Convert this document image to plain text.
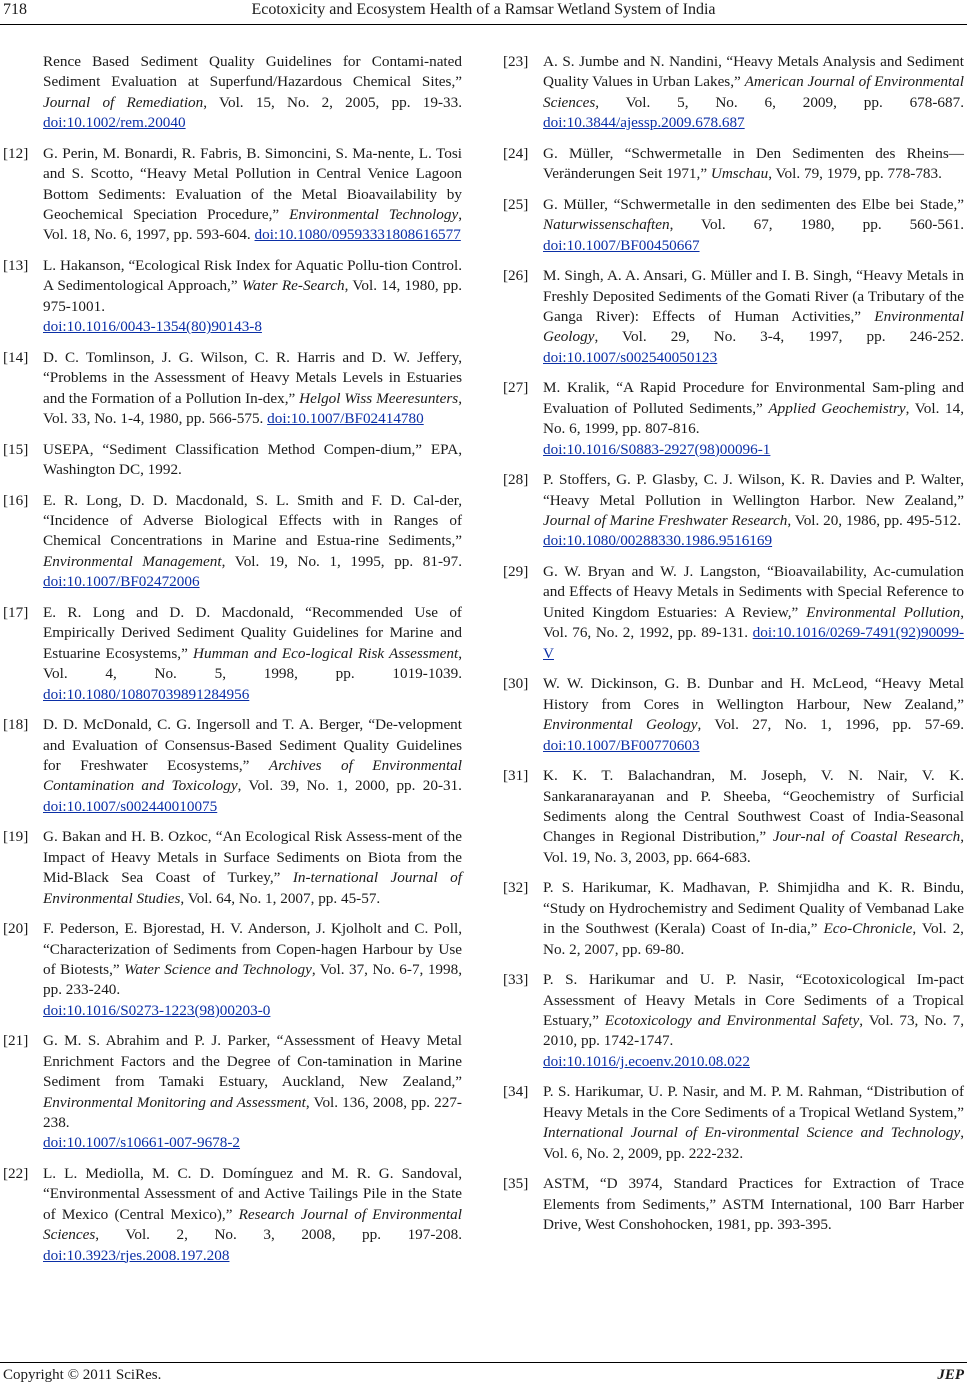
718	Ecotoxicity and Ecosystem Health of a Ramsar Wetland System of India
Rence Based Sediment Quality Guidelines for Contami-nated Sediment Evaluation at Superfund/Hazardous Chemical Sites,” Journal of Remediation, Vol. 15, No. 2, 2005, pp. 19-33. doi:10.1002/rem.20040
[12] G. Perin, M. Bonardi, R. Fabris, B. Simoncini, S. Ma-nente, L. Tosi and S. Scotto, “Heavy Metal Pollution in Central Venice Lagoon Bottom Sediments: Evaluation of the Metal Bioavailability by Geochemical Speciation Procedure,” Environmental Technology, Vol. 18, No. 6, 1997, pp. 593-604. doi:10.1080/09593331808616577
[13] L. Hakanson, “Ecological Risk Index for Aquatic Pollu-tion Control. A Sedimentological Approach,” Water Re-Search, Vol. 14, 1980, pp. 975-1001.
doi:10.1016/0043-1354(80)90143-8
[14] D. C. Tomlinson, J. G. Wilson, C. R. Harris and D. W. Jeffery, “Problems in the Assessment of Heavy Metals Levels in Estuaries and the Formation of a Pollution In-dex,” Helgol Wiss Meeresunters, Vol. 33, No. 1-4, 1980, pp. 566-575. doi:10.1007/BF02414780
[15] USEPA, “Sediment Classification Method Compen-dium,” EPA, Washington DC, 1992.
[16] E. R. Long, D. D. Macdonald, S. L. Smith and F. D. Cal-der, “Incidence of Adverse Biological Effects with in Ranges of Chemical Concentrations in Marine and Estua-rine Sediments,” Environmental Management, Vol. 19, No. 1, 1995, pp. 81-97. doi:10.1007/BF02472006
[17] E. R. Long and D. D. Macdonald, “Recommended Use of Empirically Derived Sediment Quality Guidelines for Marine and Estuarine Ecosystems,” Humman and Eco-logical Risk Assessment, Vol. 4, No. 5, 1998, pp. 1019-1039. doi:10.1080/10807039891284956
[18] D. D. McDonald, C. G. Ingersoll and T. A. Berger, “De-velopment and Evaluation of Consensus-Based Sediment Quality Guidelines for Freshwater Ecosystems,” Archives of Environmental Contamination and Toxicology, Vol. 39, No. 1, 2000, pp. 20-31. doi:10.1007/s002440010075
[19] G. Bakan and H. B. Ozkoc, “An Ecological Risk Assess-ment of the Impact of Heavy Metals in Surface Sediments on Biota from the Mid-Black Sea Coast of Turkey,” In-ternational Journal of Environmental Studies, Vol. 64, No. 1, 2007, pp. 45-57.
[20] F. Pederson, E. Bjorestad, H. V. Anderson, J. Kjolholt and C. Poll, “Characterization of Sediments from Copen-hagen Harbour by Use of Biotests,” Water Science and Technology, Vol. 37, No. 6-7, 1998, pp. 233-240.
doi:10.1016/S0273-1223(98)00203-0
[21] G. M. S. Abrahim and P. J. Parker, “Assessment of Heavy Metal Enrichment Factors and the Degree of Con-tamination in Marine Sediment from Tamaki Estuary, Auckland, New Zealand,” Environmental Monitoring and Assessment, Vol. 136, 2008, pp. 227-238.
doi:10.1007/s10661-007-9678-2
[22] L. L. Mediolla, M. C. D. Domínguez and M. R. G. Sandoval, “Environmental Assessment of and Active Tailings Pile in the State of Mexico (Central Mexico),” Research Journal of Environmental Sciences, Vol. 2, No. 3, 2008, pp. 197-208. doi:10.3923/rjes.2008.197.208
[23] A. S. Jumbe and N. Nandini, “Heavy Metals Analysis and Sediment Quality Values in Urban Lakes,” American Journal of Environmental Sciences, Vol. 5, No. 6, 2009, pp. 678-687. doi:10.3844/ajessp.2009.678.687
[24] G. Müller, “Schwermetalle in Den Sedimenten des Rheins—Veränderungen Seit 1971,” Umschau, Vol. 79, 1979, pp. 778-783.
[25] G. Müller, “Schwermetalle in den sedimenten des Elbe bei Stade,” Naturwissenschaften, Vol. 67, 1980, pp. 560-561. doi:10.1007/BF00450667
[26] M. Singh, A. A. Ansari, G. Müller and I. B. Singh, “Heavy Metals in Freshly Deposited Sediments of the Gomati River (a Tributary of the Ganga River): Effects of Human Activities,” Environmental Geology, Vol. 29, No. 3-4, 1997, pp. 246-252. doi:10.1007/s002540050123
[27] M. Kralik, “A Rapid Procedure for Environmental Sam-pling and Evaluation of Polluted Sediments,” Applied Geochemistry, Vol. 14, No. 6, 1999, pp. 807-816.
doi:10.1016/S0883-2927(98)00096-1
[28] P. Stoffers, G. P. Glasby, C. J. Wilson, K. R. Davies and P. Walter, “Heavy Metal Pollution in Wellington Harbor. New Zealand,” Journal of Marine Freshwater Research, Vol. 20, 1986, pp. 495-512.
doi:10.1080/00288330.1986.9516169
[29] G. W. Bryan and W. J. Langston, “Bioavailability, Ac-cumulation and Effects of Heavy Metals in Sediments with Special Reference to United Kingdom Estuaries: A Review,” Environmental Pollution, Vol. 76, No. 2, 1992, pp. 89-131. doi:10.1016/0269-7491(92)90099-V
[30] W. W. Dickinson, G. B. Dunbar and H. McLeod, “Heavy Metal History from Cores in Wellington Harbour, New Zealand,” Environmental Geology, Vol. 27, No. 1, 1996, pp. 57-69. doi:10.1007/BF00770603
[31] K. K. T. Balachandran, M. Joseph, V. N. Nair, V. K. Sankaranarayanan and P. Sheeba, “Geochemistry of Surficial Sediments along the Central Southwest Coast of India-Seasonal Changes in Regional Distribution,” Jour-nal of Coastal Research, Vol. 19, No. 3, 2003, pp. 664-683.
[32] P. S. Harikumar, K. Madhavan, P. Shimjidha and K. R. Bindu, “Study on Hydrochemistry and Sediment Quality of Vembanad Lake in the Southwest (Kerala) Coast of In-dia,” Eco-Chronicle, Vol. 2, No. 2, 2007, pp. 69-80.
[33] P. S. Harikumar and U. P. Nasir, “Ecotoxicological Im-pact Assessment of Heavy Metals in Core Sediments of a Tropical Estuary,” Ecotoxicology and Environmental Safety, Vol. 73, No. 7, 2010, pp. 1742-1747.
doi:10.1016/j.ecoenv.2010.08.022
[34] P. S. Harikumar, U. P. Nasir, and M. P. M. Rahman, “Distribution of Heavy Metals in the Core Sediments of a Tropical Wetland System,” International Journal of En-vironmental Science and Technology, Vol. 6, No. 2, 2009, pp. 222-232.
[35] ASTM, “D 3974, Standard Practices for Extraction of Trace Elements from Sediments,” ASTM International, 100 Barr Harber Drive, West Conshohocken, 1981, pp. 393-395.
Copyright © 2011 SciRes.	JEP
